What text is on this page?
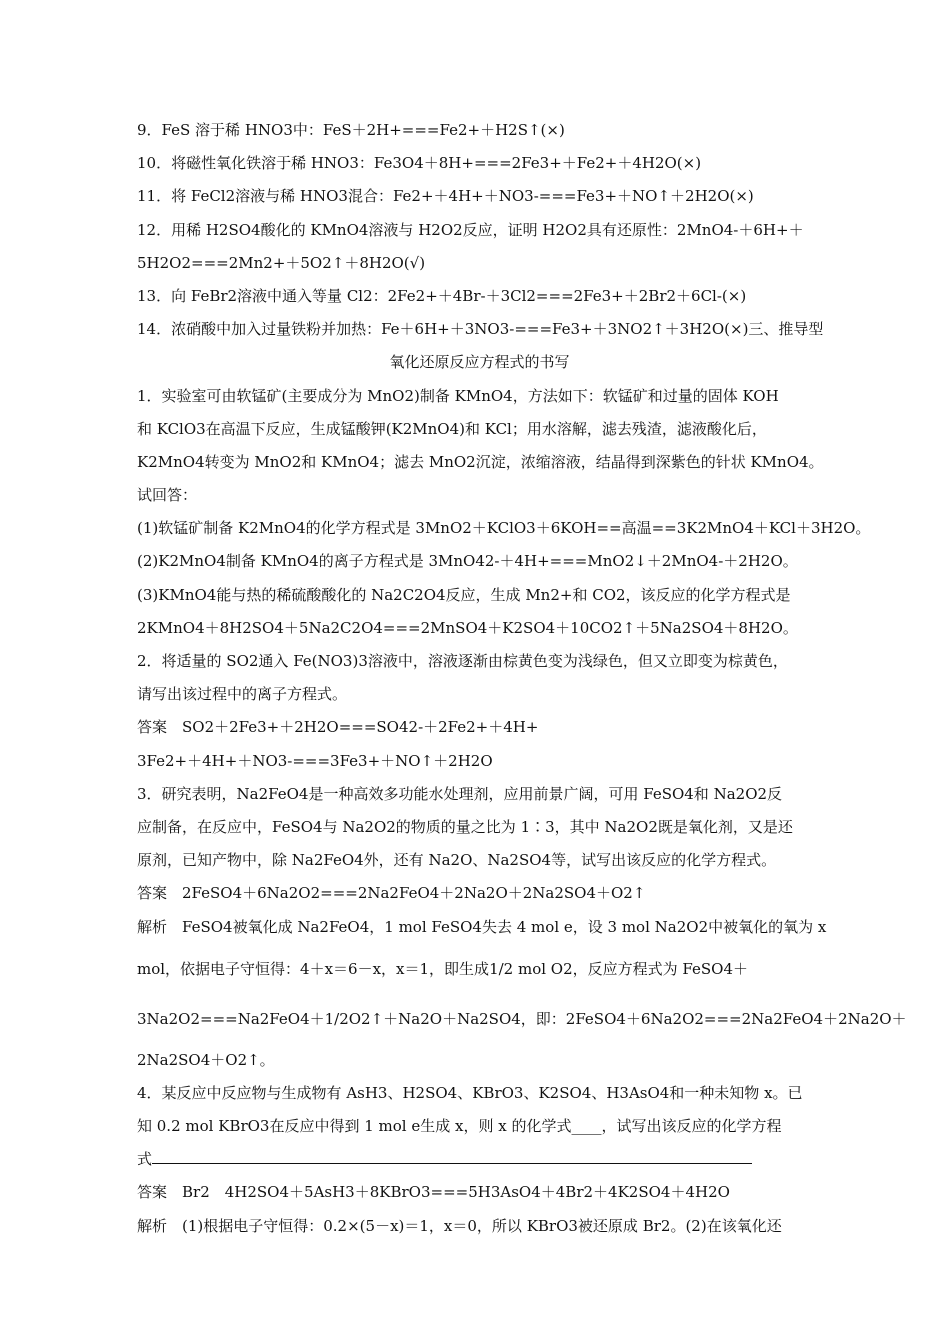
9．FeS 溶于稀 HNO3中：FeS＋2H+===Fe2+＋H2S↑(×)
10．将磁性氧化铁溶于稀 HNO3：Fe3O4＋8H+===2Fe3+＋Fe2+＋4H2O(×)
11．将 FeCl2溶液与稀 HNO3混合：Fe2+＋4H+＋NO3-===Fe3+＋NO↑＋2H2O(×)
12．用稀 H2SO4酸化的 KMnO4溶液与 H2O2反应，证明 H2O2具有还原性：2MnO4-＋6H+＋
5H2O2===2Mn2+＋5O2↑＋8H2O(√)
13．向 FeBr2溶液中通入等量 Cl2：2Fe2+＋4Br-＋3Cl2===2Fe3+＋2Br2＋6Cl-(×)
14．浓硝酸中加入过量铁粉并加热：Fe＋6H+＋3NO3-===Fe3+＋3NO2↑＋3H2O(×)三、推导型
氧化还原反应方程式的书写
1．实验室可由软锰矿(主要成分为 MnO2)制备 KMnO4，方法如下：软锰矿和过量的固体 KOH
和 KClO3在高温下反应，生成锰酸钾(K2MnO4)和 KCl；用水溶解，滤去残渣，滤液酸化后，
K2MnO4转变为 MnO2和 KMnO4；滤去 MnO2沉淀，浓缩溶液，结晶得到深紫色的针状 KMnO4。
试回答：
(1)软锰矿制备 K2MnO4的化学方程式是 3MnO2＋KClO3＋6KOH==高温==3K2MnO4＋KCl＋3H2O。
(2)K2MnO4制备 KMnO4的离子方程式是 3MnO42-＋4H+===MnO2↓＋2MnO4-＋2H2O。
(3)KMnO4能与热的稀硫酸酸化的 Na2C2O4反应，生成 Mn2+和 CO2，该反应的化学方程式是
2KMnO4＋8H2SO4＋5Na2C2O4===2MnSO4＋K2SO4＋10CO2↑＋5Na2SO4＋8H2O。
2．将适量的 SO2通入 Fe(NO3)3溶液中，溶液逐渐由棕黄色变为浅绿色，但又立即变为棕黄色，
请写出该过程中的离子方程式。
答案　SO2＋2Fe3+＋2H2O===SO42-＋2Fe2+＋4H+
3Fe2+＋4H+＋NO3-===3Fe3+＋NO↑＋2H2O
3．研究表明，Na2FeO4是一种高效多功能水处理剂，应用前景广阔，可用 FeSO4和 Na2O2反
应制备，在反应中，FeSO4与 Na2O2的物质的量之比为 1∶3，其中 Na2O2既是氧化剂，又是还
原剂，已知产物中，除 Na2FeO4外，还有 Na2O、Na2SO4等，试写出该反应的化学方程式。
答案　2FeSO4＋6Na2O2===2Na2FeO4＋2Na2O＋2Na2SO4＋O2↑
解析　FeSO4被氧化成 Na2FeO4，1 mol FeSO4失去 4 mol e，设 3 mol Na2O2中被氧化的氧为 x
mol，依据电子守恒得：4＋x＝6－x，x＝1，即生成1/2 mol O2，反应方程式为 FeSO4＋
3Na2O2===Na2FeO4＋1/2O2↑＋Na2O＋Na2SO4，即：2FeSO4＋6Na2O2===2Na2FeO4＋2Na2O＋
2Na2SO4＋O2↑。
4．某反应中反应物与生成物有 AsH3、H2SO4、KBrO3、K2SO4、H3AsO4和一种未知物 x。已
知 0.2 mol KBrO3在反应中得到 1 mol e生成 x，则 x 的化学式____，试写出该反应的化学方程
式
答案　Br2　4H2SO4＋5AsH3＋8KBrO3===5H3AsO4＋4Br2＋4K2SO4＋4H2O
解析　(1)根据电子守恒得：0.2×(5－x)＝1，x＝0，所以 KBrO3被还原成 Br2。(2)在该氧化还
